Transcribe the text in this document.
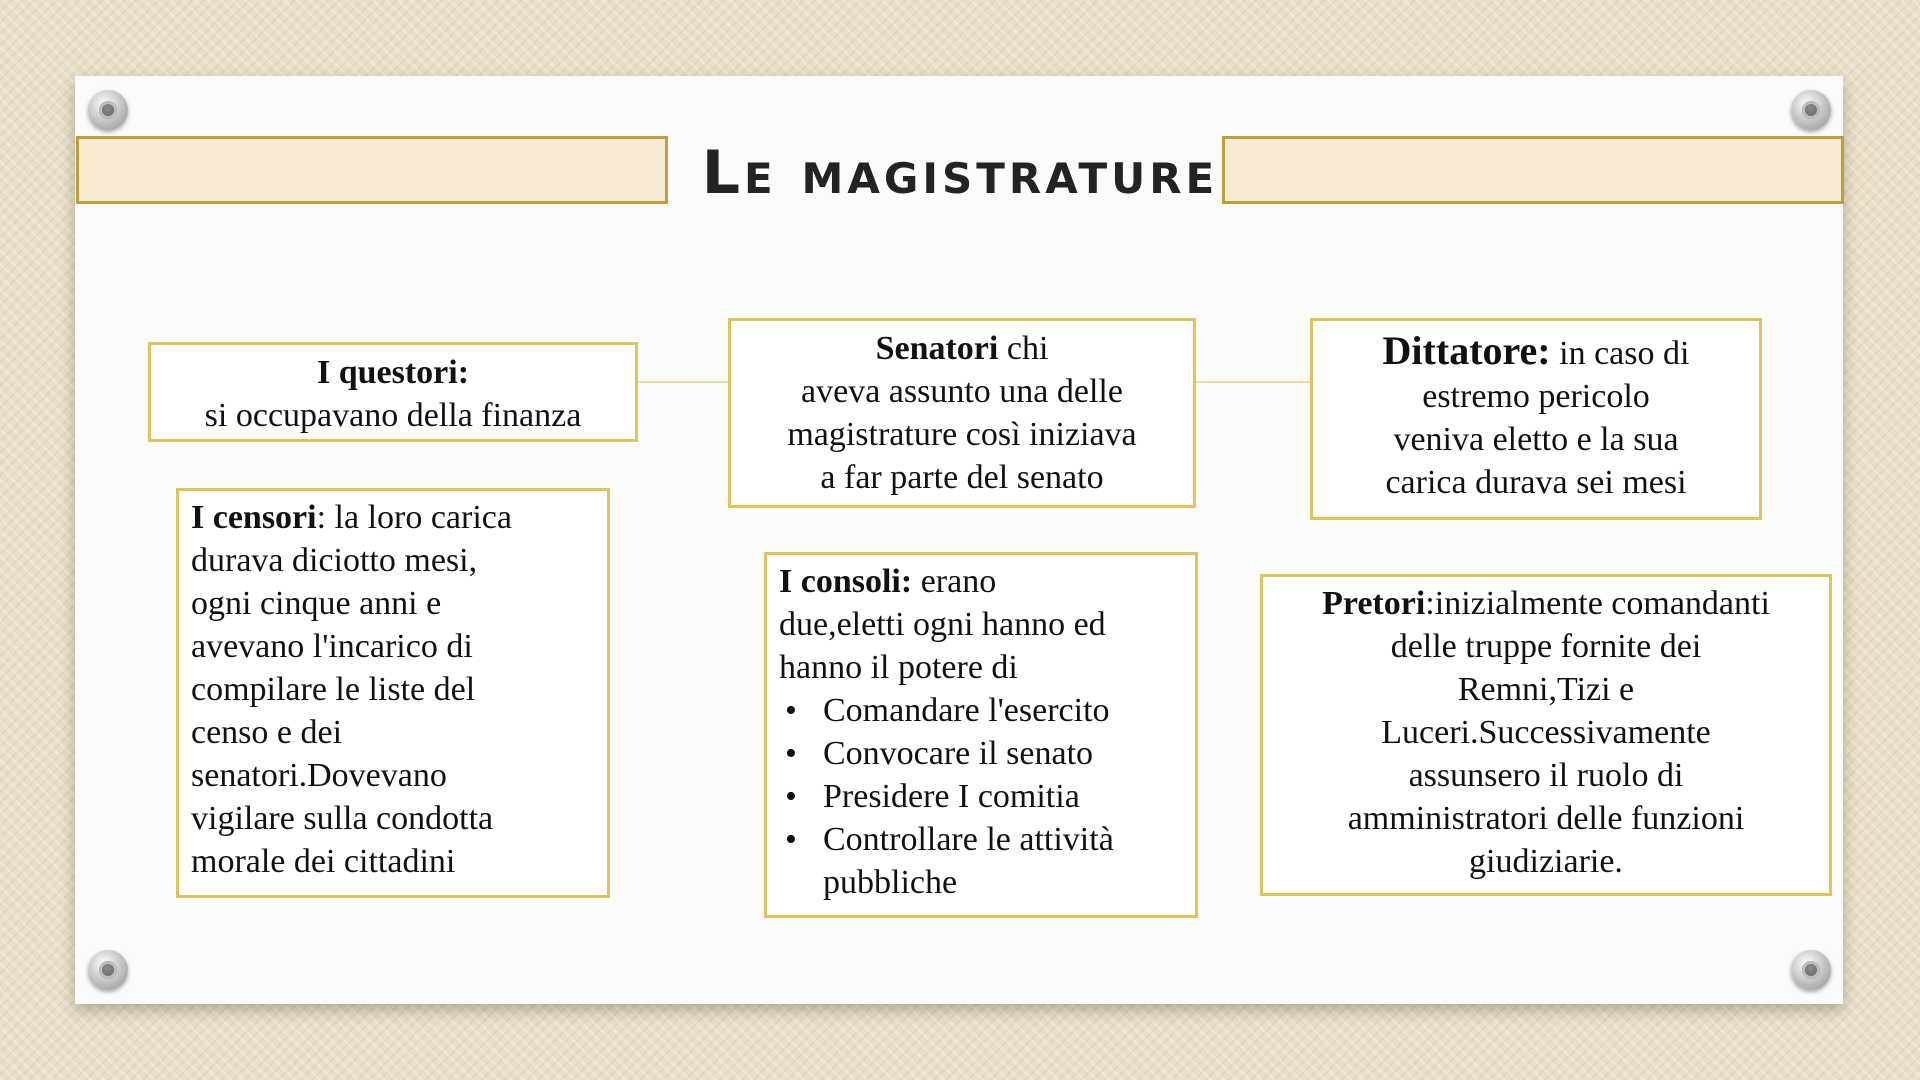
Le magistrature
I questori:
si occupavano della finanza
Senatori chi
aveva assunto una delle
magistrature così iniziava
a far parte del senato
Dittatore: in caso di
estremo pericolo
veniva eletto e la sua
carica durava sei mesi
I censori: la loro carica
durava diciotto mesi,
ogni cinque anni e
avevano l'incarico di
compilare le liste del
censo e dei
senatori.Dovevano
vigilare sulla condotta
morale dei cittadini
I consoli: erano
due,eletti ogni hanno ed
hanno il potere di
• Comandare l'esercito
• Convocare il senato
• Presidere I comitia
• Controllare le attività pubbliche
Pretori:inizialmente comandanti
delle truppe fornite dei
Remni,Tizi e
Luceri.Successivamente
assunsero il ruolo di
amministratori delle funzioni
giudiziarie.
